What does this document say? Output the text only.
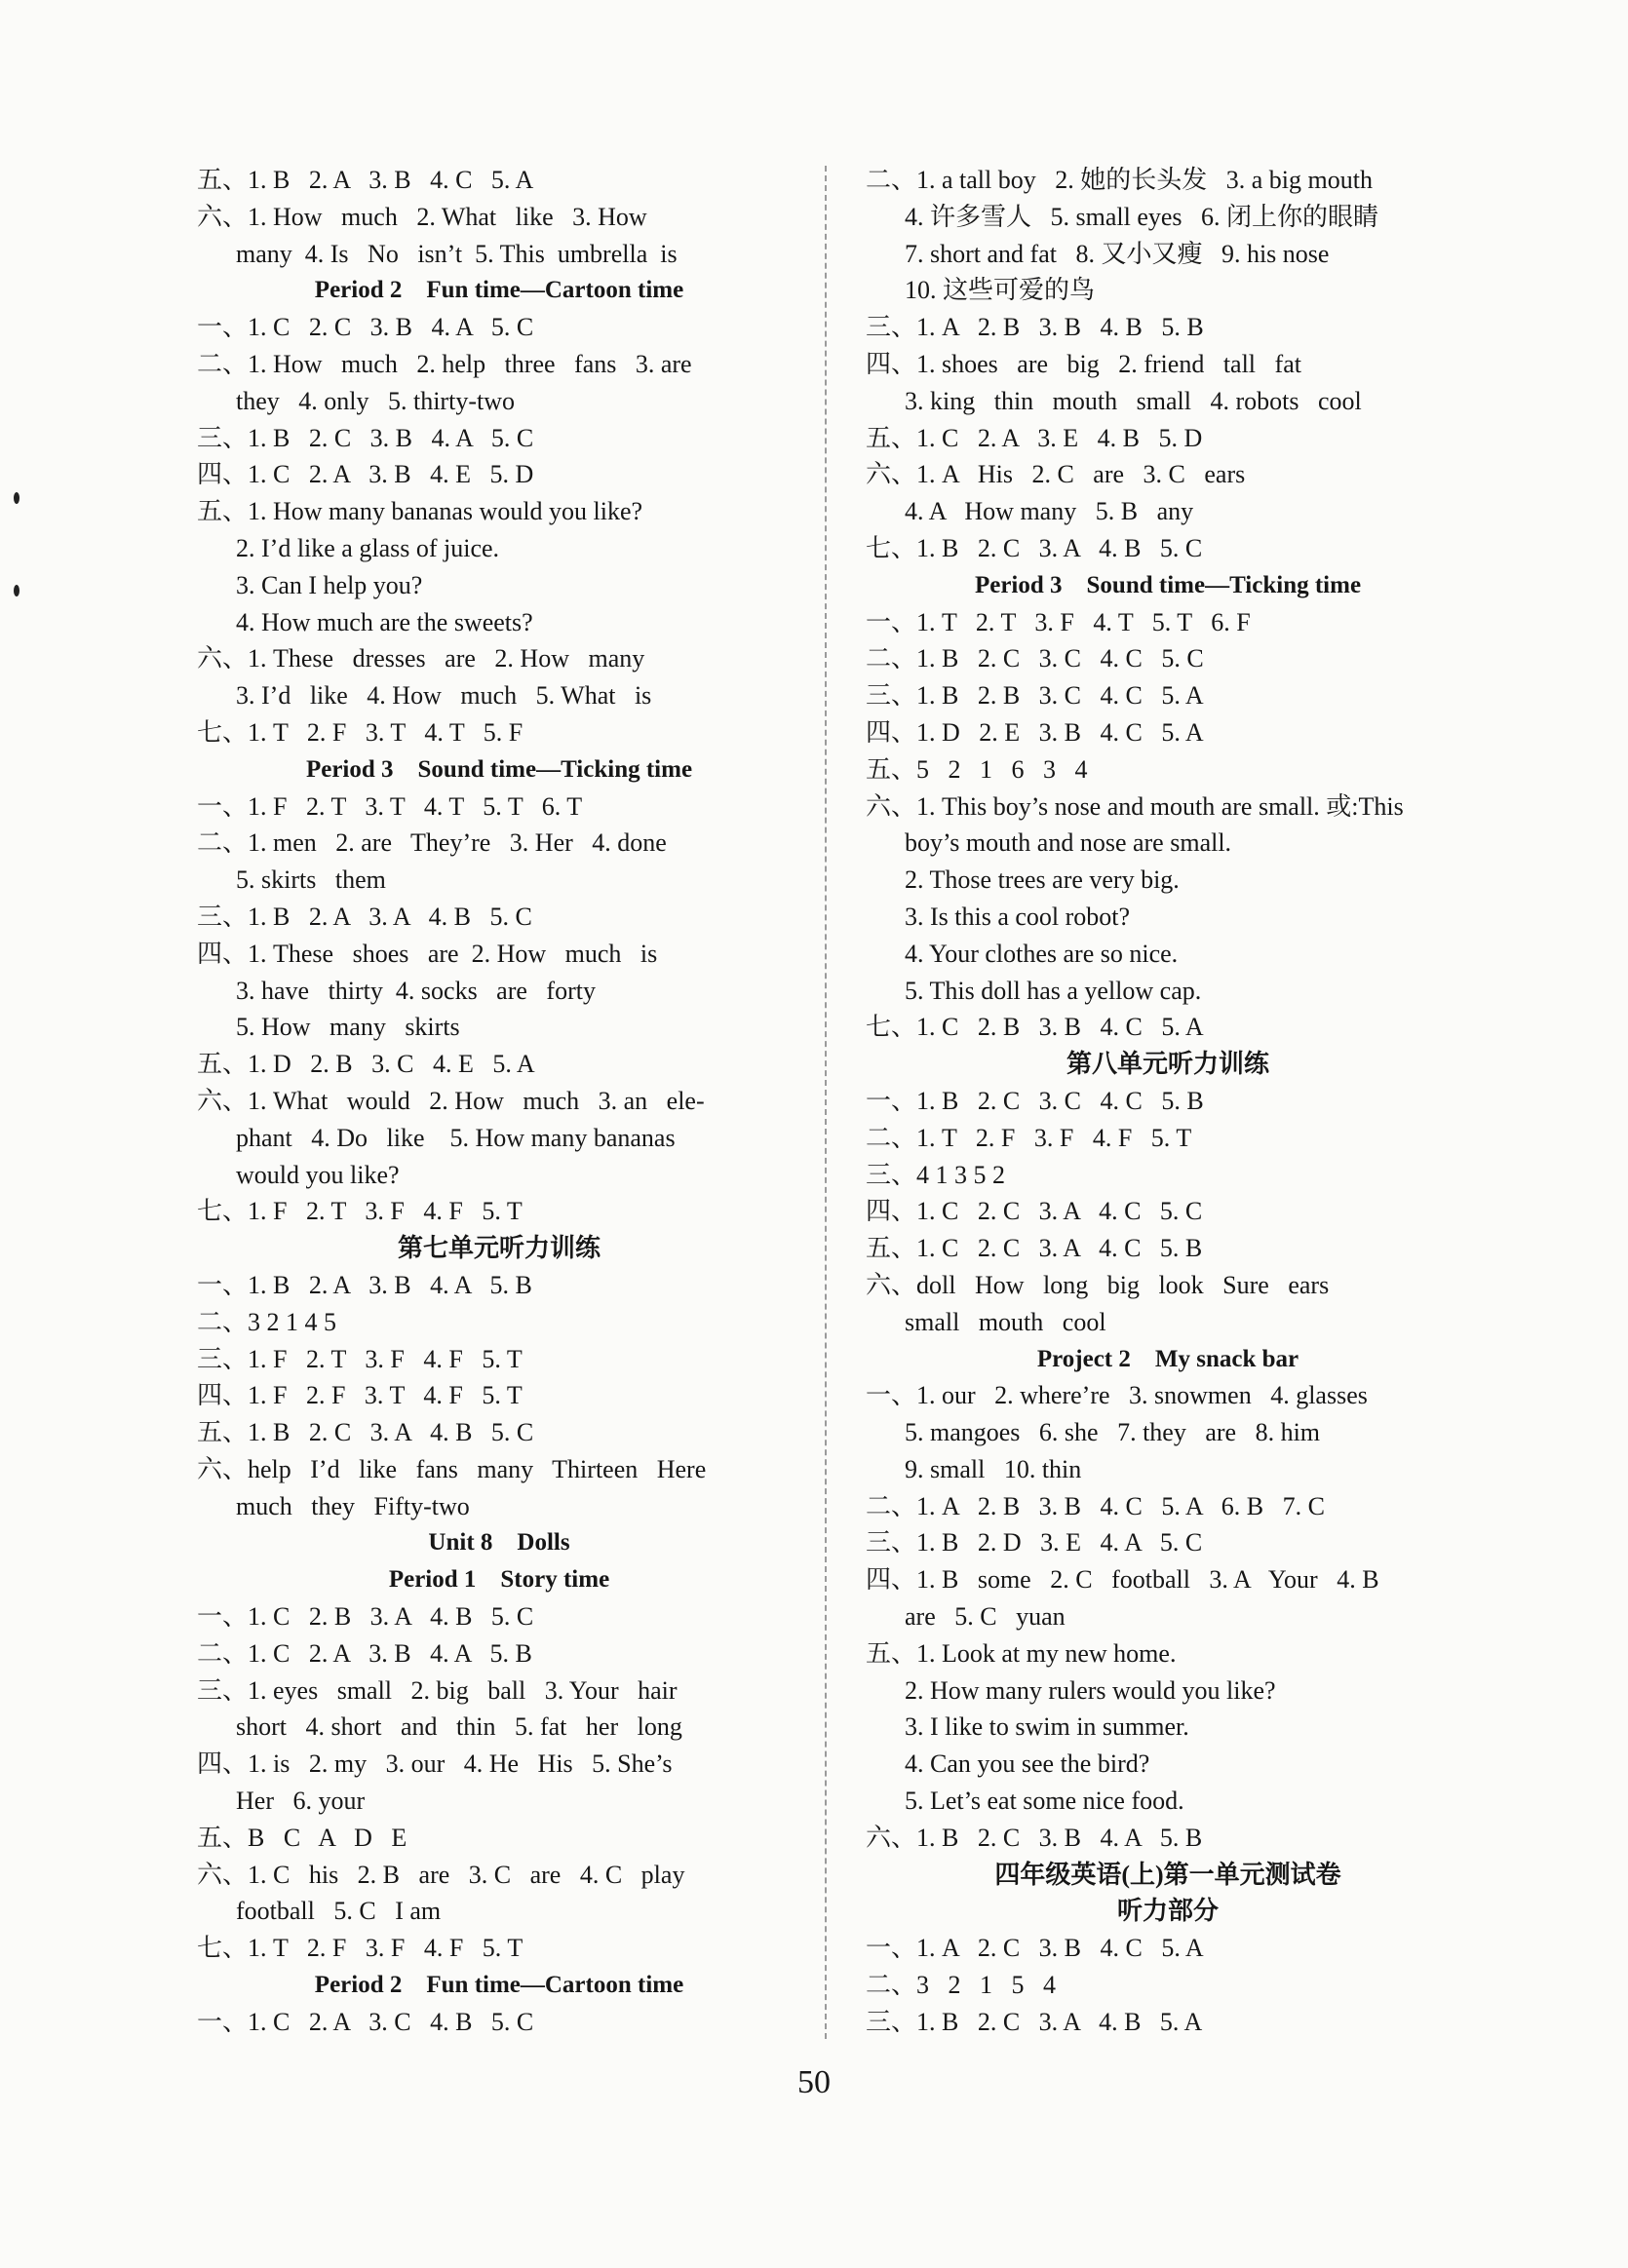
五、1. B   2. A   3. B   4. C   5. A
六、1. How   much   2. What   like   3. How
many  4. Is   No   isn’t  5. This  umbrella  is
Period 2    Fun time—Cartoon time
一、1. C   2. C   3. B   4. A   5. C
二、1. How   much   2. help   three   fans   3. are
they   4. only   5. thirty-two
三、1. B   2. C   3. B   4. A   5. C
四、1. C   2. A   3. B   4. E   5. D
五、1. How many bananas would you like?
2. I’d like a glass of juice.
3. Can I help you?
4. How much are the sweets?
六、1. These   dresses   are   2. How   many
3. I’d   like   4. How   much   5. What   is
七、1. T   2. F   3. T   4. T   5. F
Period 3    Sound time—Ticking time
一、1. F   2. T   3. T   4. T   5. T   6. T
二、1. men   2. are   They’re   3. Her   4. done
5. skirts   them
三、1. B   2. A   3. A   4. B   5. C
四、1. These   shoes   are  2. How   much   is
3. have   thirty  4. socks   are   forty
5. How   many   skirts
五、1. D   2. B   3. C   4. E   5. A
六、1. What   would   2. How   much   3. an   ele-
phant   4. Do   like    5. How many bananas
would you like?
七、1. F   2. T   3. F   4. F   5. T
第七单元听力训练
一、1. B   2. A   3. B   4. A   5. B
二、3 2 1 4 5
三、1. F   2. T   3. F   4. F   5. T
四、1. F   2. F   3. T   4. F   5. T
五、1. B   2. C   3. A   4. B   5. C
六、help   I’d   like   fans   many   Thirteen   Here
much   they   Fifty-two
Unit 8    Dolls
Period 1    Story time
一、1. C   2. B   3. A   4. B   5. C
二、1. C   2. A   3. B   4. A   5. B
三、1. eyes   small   2. big   ball   3. Your   hair
short   4. short   and   thin   5. fat   her   long
四、1. is   2. my   3. our   4. He   His   5. She’s
Her   6. your
五、B   C   A   D   E
六、1. C   his   2. B   are   3. C   are   4. C   play
football   5. C   I am
七、1. T   2. F   3. F   4. F   5. T
Period 2    Fun time—Cartoon time
一、1. C   2. A   3. C   4. B   5. C
二、1. a tall boy   2. 她的长头发   3. a big mouth
4. 许多雪人   5. small eyes   6. 闭上你的眼睛
7. short and fat   8. 又小又瘦   9. his nose
10. 这些可爱的鸟
三、1. A   2. B   3. B   4. B   5. B
四、1. shoes   are   big   2. friend   tall   fat
3. king   thin   mouth   small   4. robots   cool
五、1. C   2. A   3. E   4. B   5. D
六、1. A   His   2. C   are   3. C   ears
4. A   How many   5. B   any
七、1. B   2. C   3. A   4. B   5. C
Period 3    Sound time—Ticking time
一、1. T   2. T   3. F   4. T   5. T   6. F
二、1. B   2. C   3. C   4. C   5. C
三、1. B   2. B   3. C   4. C   5. A
四、1. D   2. E   3. B   4. C   5. A
五、5   2   1   6   3   4
六、1. This boy’s nose and mouth are small. 或:This
boy’s mouth and nose are small.
2. Those trees are very big.
3. Is this a cool robot?
4. Your clothes are so nice.
5. This doll has a yellow cap.
七、1. C   2. B   3. B   4. C   5. A
第八单元听力训练
一、1. B   2. C   3. C   4. C   5. B
二、1. T   2. F   3. F   4. F   5. T
三、4 1 3 5 2
四、1. C   2. C   3. A   4. C   5. C
五、1. C   2. C   3. A   4. C   5. B
六、doll   How   long   big   look   Sure   ears
small   mouth   cool
Project 2    My snack bar
一、1. our   2. where’re   3. snowmen   4. glasses
5. mangoes   6. she   7. they   are   8. him
9. small   10. thin
二、1. A   2. B   3. B   4. C   5. A   6. B   7. C
三、1. B   2. D   3. E   4. A   5. C
四、1. B   some   2. C   football   3. A   Your   4. B
are   5. C   yuan
五、1. Look at my new home.
2. How many rulers would you like?
3. I like to swim in summer.
4. Can you see the bird?
5. Let’s eat some nice food.
六、1. B   2. C   3. B   4. A   5. B
四年级英语(上)第一单元测试卷
听力部分
一、1. A   2. C   3. B   4. C   5. A
二、3   2   1   5   4
三、1. B   2. C   3. A   4. B   5. A
50
